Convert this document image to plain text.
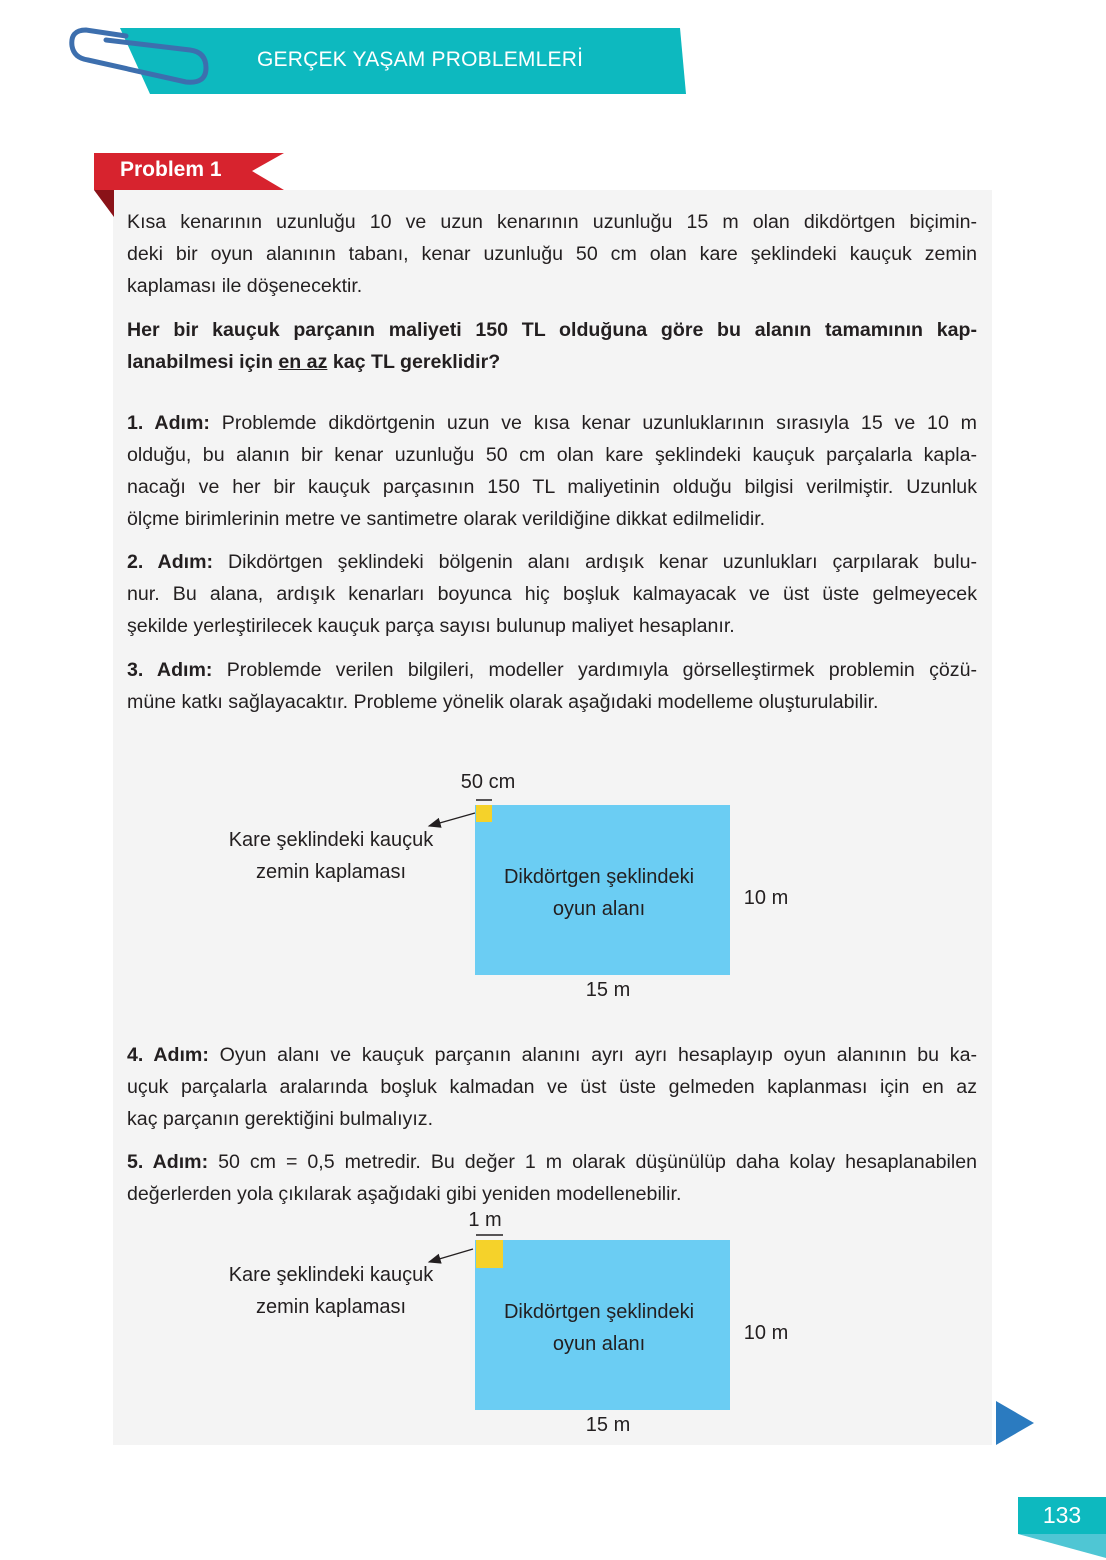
GERÇEK YAŞAM PROBLEMLERİ
Problem 1
Kısa kenarının uzunluğu 10 ve uzun kenarının uzunluğu 15 m olan dikdörtgen biçimin-
deki bir oyun alanının tabanı, kenar uzunluğu 50 cm olan kare şeklindeki kauçuk zemin
kaplaması ile döşenecektir.
Her bir kauçuk parçanın maliyeti 150 TL olduğuna göre bu alanın tamamının kap-
lanabilmesi için en az kaç TL gereklidir?
1. Adım: Problemde dikdörtgenin uzun ve kısa kenar uzunluklarının sırasıyla 15 ve 10 m
olduğu, bu alanın bir kenar uzunluğu 50 cm olan kare şeklindeki kauçuk parçalarla kapla-
nacağı ve her bir kauçuk parçasının 150 TL maliyetinin olduğu bilgisi verilmiştir. Uzunluk
ölçme birimlerinin metre ve santimetre olarak verildiğine dikkat edilmelidir.
2. Adım: Dikdörtgen şeklindeki bölgenin alanı ardışık kenar uzunlukları çarpılarak bulu-
nur. Bu alana, ardışık kenarları boyunca hiç boşluk kalmayacak ve üst üste gelmeyecek
şekilde yerleştirilecek kauçuk parça sayısı bulunup maliyet hesaplanır.
3. Adım: Problemde verilen bilgileri, modeller yardımıyla görselleştirmek problemin çözü-
müne katkı sağlayacaktır. Probleme yönelik olarak aşağıdaki modelleme oluşturulabilir.
4. Adım: Oyun alanı ve kauçuk parçanın alanını ayrı ayrı hesaplayıp oyun alanının bu ka-
uçuk parçalarla aralarında boşluk kalmadan ve üst üste gelmeden kaplanması için en az
kaç parçanın gerektiğini bulmalıyız.
5. Adım: 50 cm = 0,5 metredir. Bu değer 1 m olarak düşünülüp daha kolay hesaplanabilen
değerlerden yola çıkılarak aşağıdaki gibi yeniden modellenebilir.
50 cm
Kare şeklindeki kauçuk
zemin kaplaması	Dikdörtgen şeklindeki
oyun alanı	10 m
15 m
1 m
Kare şeklindeki kauçuk
zemin kaplaması	Dikdörtgen şeklindeki
oyun alanı	10 m
15 m
133
